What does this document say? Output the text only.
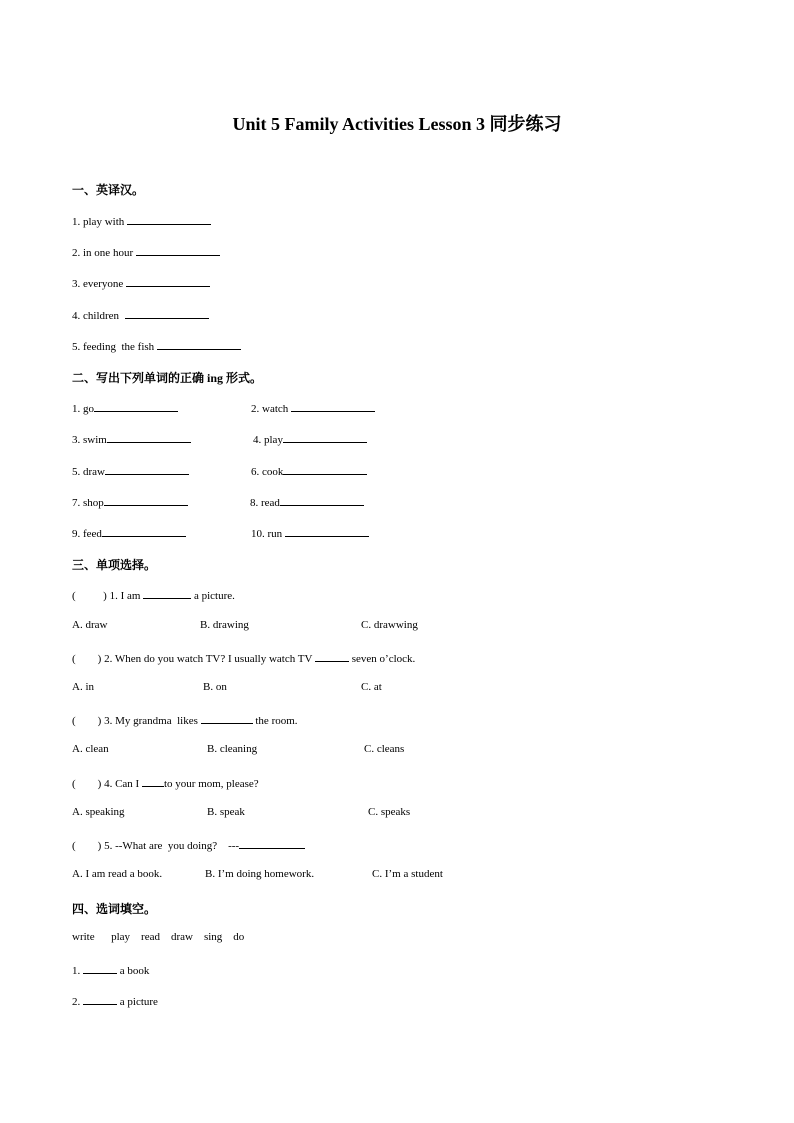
Unit 5 Family Activities Lesson 3 同步练习
一、英译汉。
1. play with
2. in one hour
3. everyone
4. children
5. feeding  the fish
二、写出下列单词的正确 ing 形式。
1. go	2. watch
3. swim	4. play
5. draw	6. cook
7. shop	8. read
9. feed	10. run
三、单项选择。
(          ) 1. I am	a picture.
A. draw	B. drawing	C. drawwing
(        ) 2. When do you watch TV? I usually watch TV	seven o’clock.
A. in	B. on	C. at
(        ) 3. My grandma  likes	the room.
A. clean	B. cleaning	C. cleans
(        ) 4. Can I to your mom, please?
A. speaking	B. speak	C. speaks
(        ) 5. --What are  you doing?    ---
A. I am read a book.	B. I’m doing homework.	C. I’m a student
四、选词填空。
write      play    read    draw    sing    do
1.	a book
2.	a picture
